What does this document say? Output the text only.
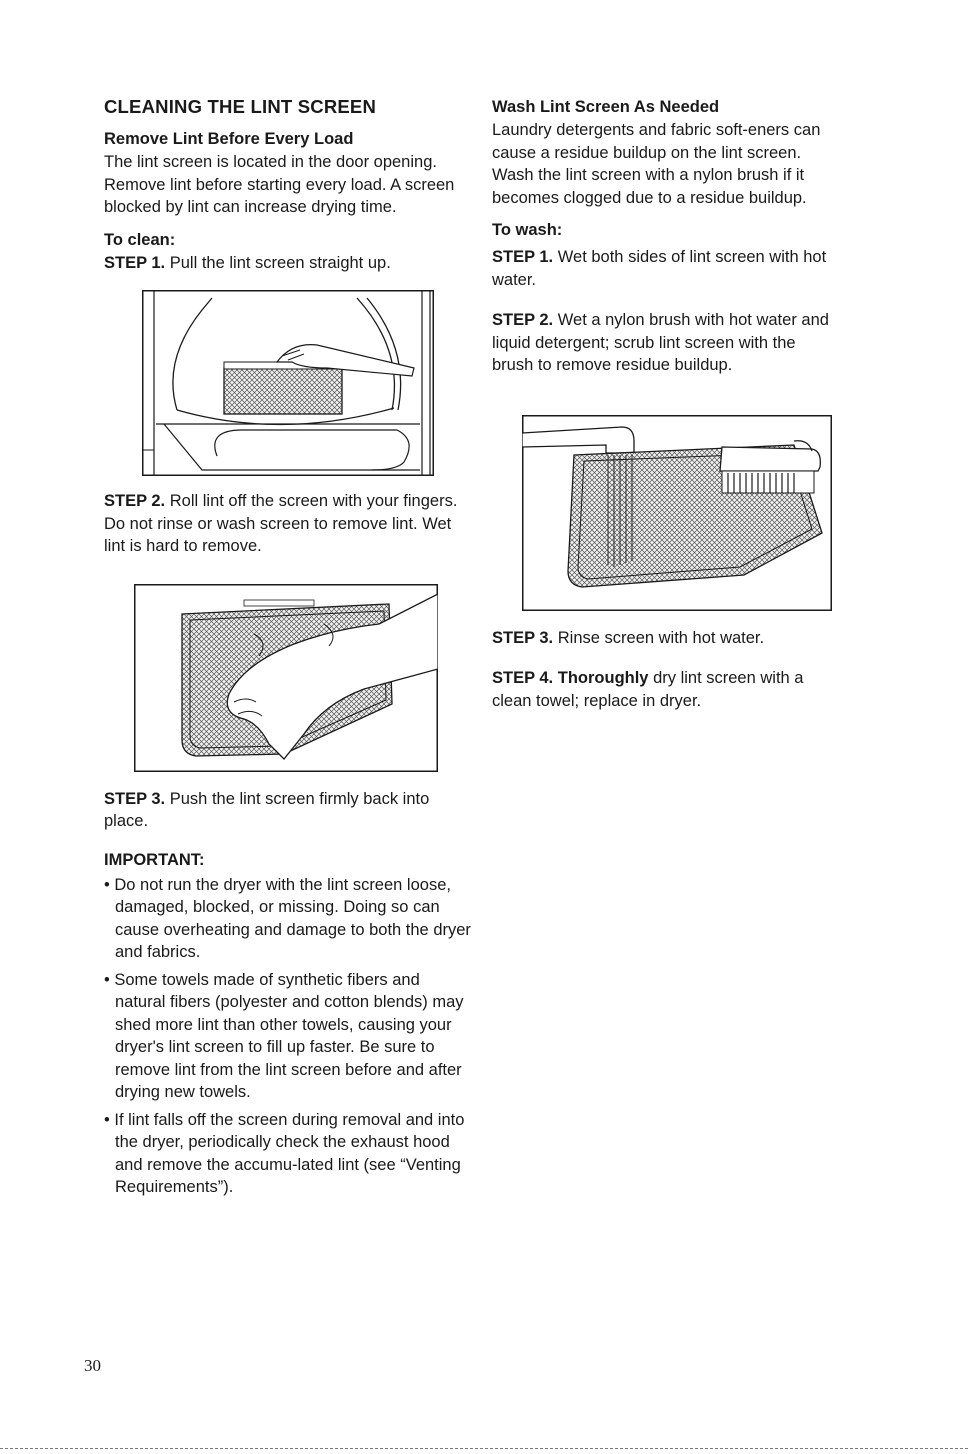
CLEANING THE LINT SCREEN
Remove Lint Before Every Load

The lint screen is located in the door opening. Remove lint before starting every load. A screen blocked by lint can increase drying time.

To clean:

STEP 1. Pull the lint screen straight up.

STEP 2. Roll lint off the screen with your fingers. Do not rinse or wash screen to remove lint. Wet lint is hard to remove.

STEP 3. Push the lint screen firmly back into place.

IMPORTANT:
• Do not run the dryer with the lint screen loose, damaged, blocked, or missing. Doing so can cause overheating and damage to both the dryer and fabrics.
• Some towels made of synthetic fibers and natural fibers (polyester and cotton blends) may shed more lint than other towels, causing your dryer's lint screen to fill up faster. Be sure to remove lint from the lint screen before and after drying new towels.
• If lint falls off the screen during removal and into the dryer, periodically check the exhaust hood and remove the accumu-lated lint (see “Venting Requirements”).
Wash Lint Screen As Needed

Laundry detergents and fabric soft-eners can cause a residue buildup on the lint screen. Wash the lint screen with a nylon brush if it becomes clogged due to a residue buildup.

To wash:

STEP 1. Wet both sides of lint screen with hot water.

STEP 2. Wet a nylon brush with hot water and liquid detergent; scrub lint screen with the brush to remove residue buildup.

STEP 3. Rinse screen with hot water.

STEP 4. Thoroughly dry lint screen with a clean towel; replace in dryer.

30
